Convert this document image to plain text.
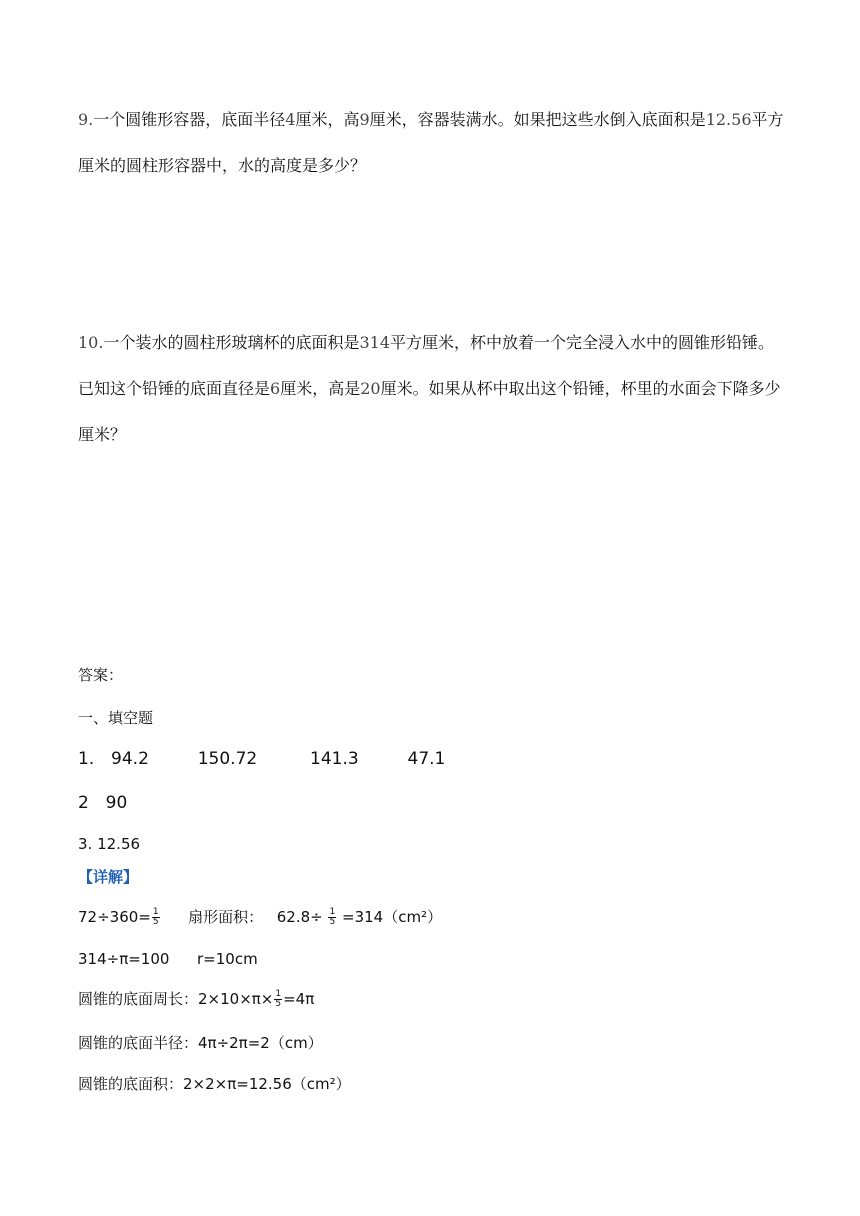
9.一个圆锥形容器，底面半径4厘米，高9厘米，容器装满水。如果把这些水倒入底面积是12.56平方厘米的圆柱形容器中，水的高度是多少？
10.一个装水的圆柱形玻璃杯的底面积是314平方厘米，杯中放着一个完全浸入水中的圆锥形铅锤。已知这个铅锤的底面直径是6厘米，高是20厘米。如果从杯中取出这个铅锤，杯里的水面会下降多少厘米？
答案：
一、填空题
1. 94.2	150.72	141.3	47.1
2 90
3. 12.56
【详解】
$72\div 360= \frac{1}{5}$ 扇形面积： $62.8\div \frac{1}{5} =314(cm^2)$
314÷π=100 r=10cm
圆锥的底面周长：$2\times 10\times\pi\times \frac{1}{5} =4\pi$
圆锥的底面半径：4π÷2π=2（cm）
圆锥的底面积：2×2×π=12.56（cm²）
